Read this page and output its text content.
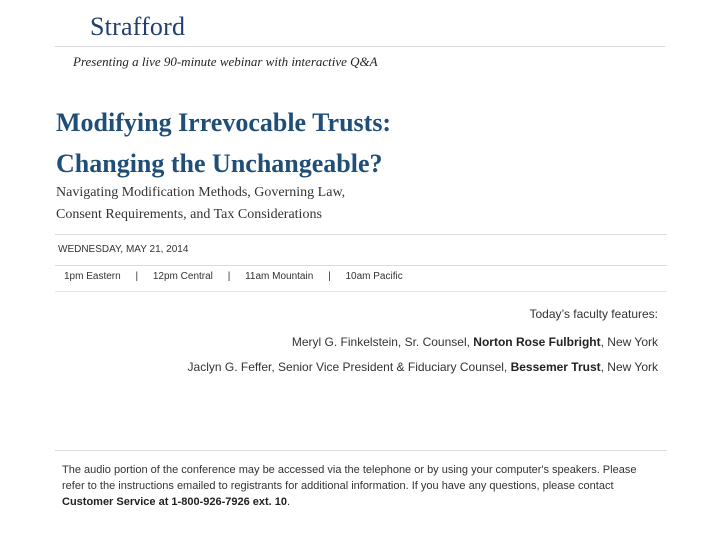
Strafford
Presenting a live 90-minute webinar with interactive Q&A
Modifying Irrevocable Trusts:
Changing the Unchangeable?
Navigating Modification Methods, Governing Law,
Consent Requirements, and Tax Considerations
WEDNESDAY, MAY 21, 2014
1pm Eastern | 12pm Central | 11am Mountain | 10am Pacific
Today’s faculty features:
Meryl G. Finkelstein, Sr. Counsel, Norton Rose Fulbright, New York
Jaclyn G. Feffer, Senior Vice President & Fiduciary Counsel, Bessemer Trust, New York
The audio portion of the conference may be accessed via the telephone or by using your computer's speakers. Please refer to the instructions emailed to registrants for additional information. If you have any questions, please contact Customer Service at 1-800-926-7926 ext. 10.
